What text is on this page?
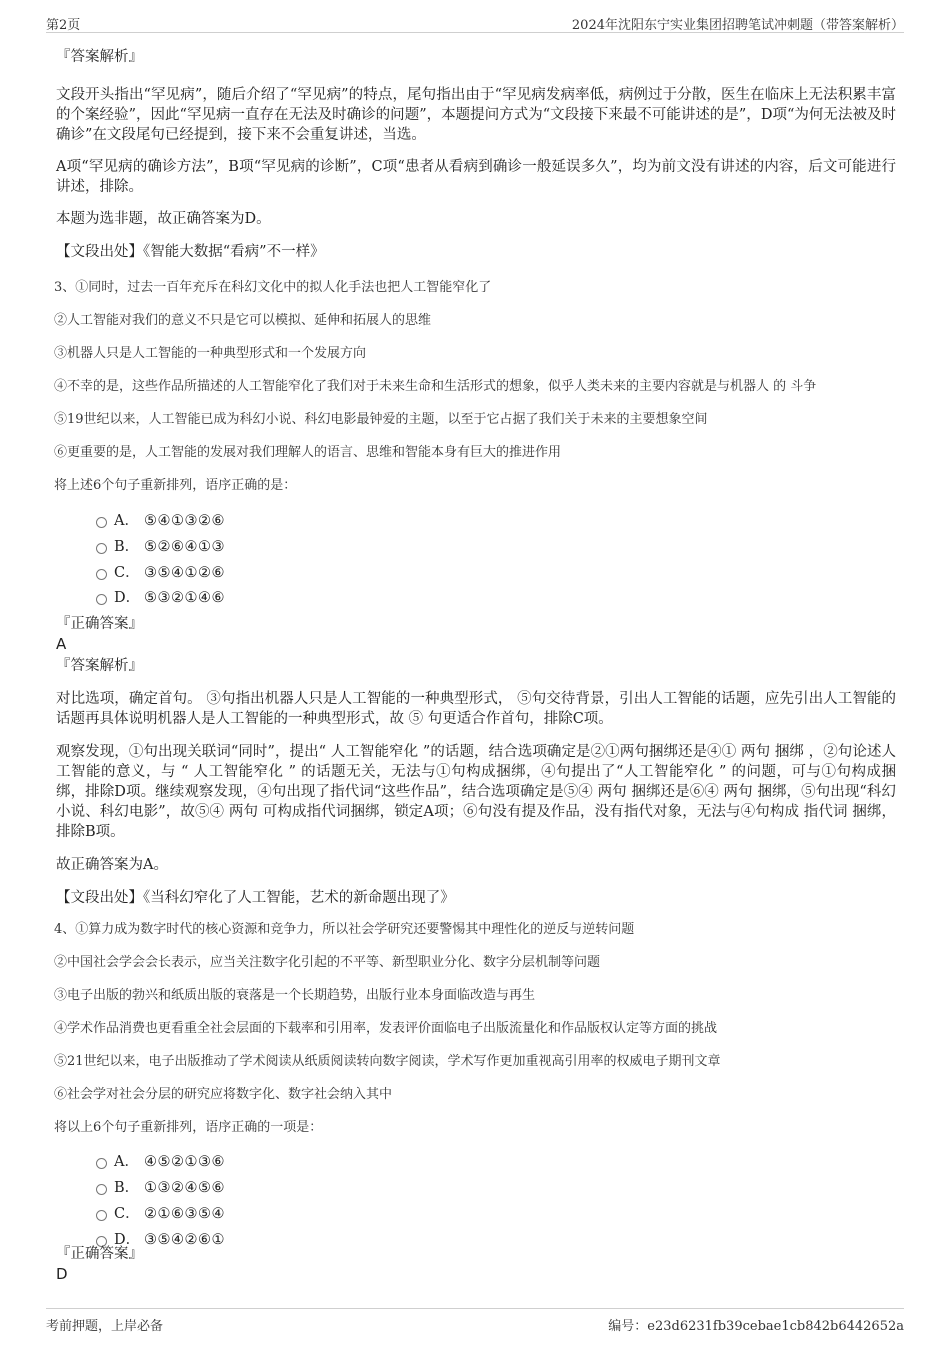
第2页	2024年沈阳东宁实业集团招聘笔试冲刺题（带答案解析）

『答案解析』

文段开头指出“罕见病”，随后介绍了“罕见病”的特点，尾句指出由于“罕见病发病率低，病例过于分散，医生在临床上无法积累丰富的个案经验”，因此“罕见病一直存在无法及时确诊的问题”，本题提问方式为“文段接下来最不可能讲述的是”，D项“为何无法被及时确诊”在文段尾句已经提到，接下来不会重复讲述，当选。

A项“罕见病的确诊方法”，B项“罕见病的诊断”，C项“患者从看病到确诊一般延误多久”，均为前文没有讲述的内容，后文可能进行讲述，排除。

本题为选非题，故正确答案为D。

【文段出处】《智能大数据“看病”不一样》

3、①同时，过去一百年充斥在科幻文化中的拟人化手法也把人工智能窄化了

②人工智能对我们的意义不只是它可以模拟、延伸和拓展人的思维

③机器人只是人工智能的一种典型形式和一个发展方向

④不幸的是，这些作品所描述的人工智能窄化了我们对于未来生命和生活形式的想象，似乎人类未来的主要内容就是与机器人 的 斗争

⑤19世纪以来，人工智能已成为科幻小说、科幻电影最钟爱的主题，以至于它占据了我们关于未来的主要想象空间

⑥更重要的是，人工智能的发展对我们理解人的语言、思维和智能本身有巨大的推进作用

将上述6个句子重新排列，语序正确的是：

A． ⑤④①③②⑥
B． ⑤②⑥④①③
C． ③⑤④①②⑥
D． ⑤③②①④⑥

『正确答案』

A

『答案解析』

对比选项，确定首句。 ③句指出机器人只是人工智能的一种典型形式， ⑤句交待背景，引出人工智能的话题，应先引出人工智能的话题再具体说明机器人是人工智能的一种典型形式，故 ⑤ 句更适合作首句，排除C项。

观察发现，①句出现关联词“同时”，提出“ 人工智能窄化 ”的话题，结合选项确定是②①两句捆绑还是④① 两句 捆绑 ，②句论述人工智能的意义，与 “ 人工智能窄化 ” 的话题无关，无法与①句构成捆绑，④句提出了“人工智能窄化 ” 的问题，可与①句构成捆绑，排除D项。继续观察发现，④句出现了指代词“这些作品”，结合选项确定是⑤④ 两句 捆绑还是⑥④ 两句 捆绑，⑤句出现“科幻小说、科幻电影”，故⑤④ 两句 可构成指代词捆绑，锁定A项；⑥句没有提及作品，没有指代对象，无法与④句构成 指代词 捆绑，排除B项。

故正确答案为A。

【文段出处】《当科幻窄化了人工智能，艺术的新命题出现了》

4、①算力成为数字时代的核心资源和竞争力，所以社会学研究还要警惕其中理性化的逆反与逆转问题

②中国社会学会会长表示，应当关注数字化引起的不平等、新型职业分化、数字分层机制等问题

③电子出版的勃兴和纸质出版的衰落是一个长期趋势，出版行业本身面临改造与再生

④学术作品消费也更看重全社会层面的下载率和引用率，发表评价面临电子出版流量化和作品版权认定等方面的挑战

⑤21世纪以来，电子出版推动了学术阅读从纸质阅读转向数字阅读，学术写作更加重视高引用率的权威电子期刊文章

⑥社会学对社会分层的研究应将数字化、数字社会纳入其中

将以上6个句子重新排列，语序正确的一项是：

A． ④⑤②①③⑥
B． ①③②④⑤⑥
C． ②①⑥③⑤④
D． ③⑤④②⑥①

『正确答案』

D

考前押题，上岸必备	编号：e23d6231fb39cebae1cb842b6442652a
